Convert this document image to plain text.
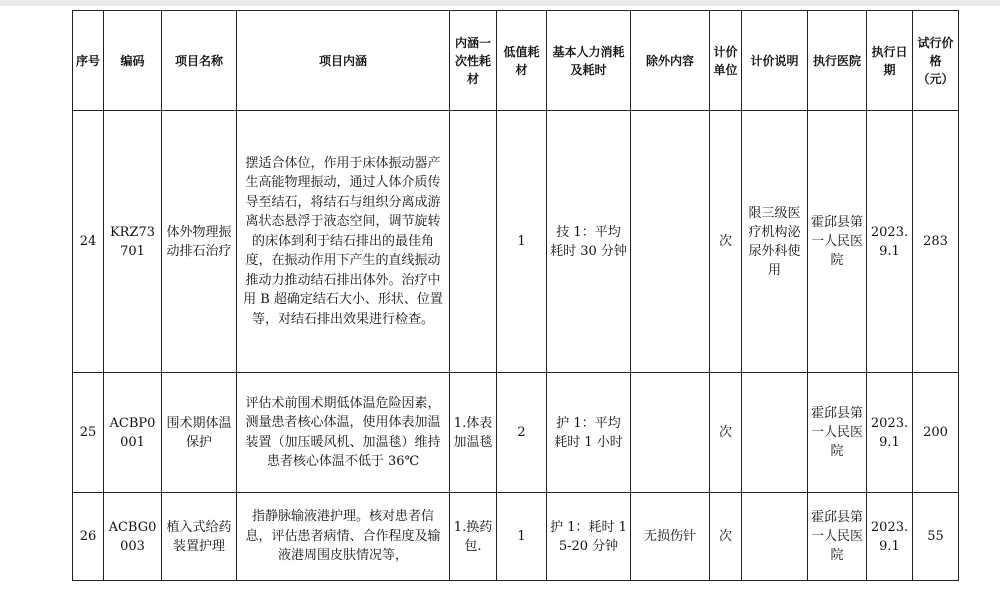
序号	编码	项目名称	项目内涵	内涵一次性耗材	低值耗材	基本人力消耗及耗时	除外内容	计价单位	计价说明	执行医院	执行日期	试行价格（元）
24	KRZ73701	体外物理振动排石治疗	摆适合体位，作用于床体振动器产生高能物理振动，通过人体介质传导至结石，将结石与组织分离成游离状态悬浮于液态空间，调节旋转的床体到利于结石排出的最佳角度，在振动作用下产生的直线振动推动力推动结石排出体外。治疗中用 B 超确定结石大小、形状、位置等，对结石排出效果进行检查。		1	技 1：平均耗时 30 分钟		次	限三级医疗机构泌尿外科使用	霍邱县第一人民医院	2023.9.1	283
25	ACBP0001	围术期体温保护	评估术前围术期低体温危险因素，测量患者核心体温，使用体表加温装置（加压暖风机、加温毯）维持患者核心体温不低于 36℃	1.体表加温毯	2	护 1：平均耗时 1 小时		次		霍邱县第一人民医院	2023.9.1	200
26	ACBG0003	植入式给药装置护理	指静脉输液港护理。核对患者信息，评估患者病情、合作程度及输液港周围皮肤情况等，	1.换药包.	1	护 1：耗时 15-20 分钟	无损伤针	次		霍邱县第一人民医院	2023.9.1	55
